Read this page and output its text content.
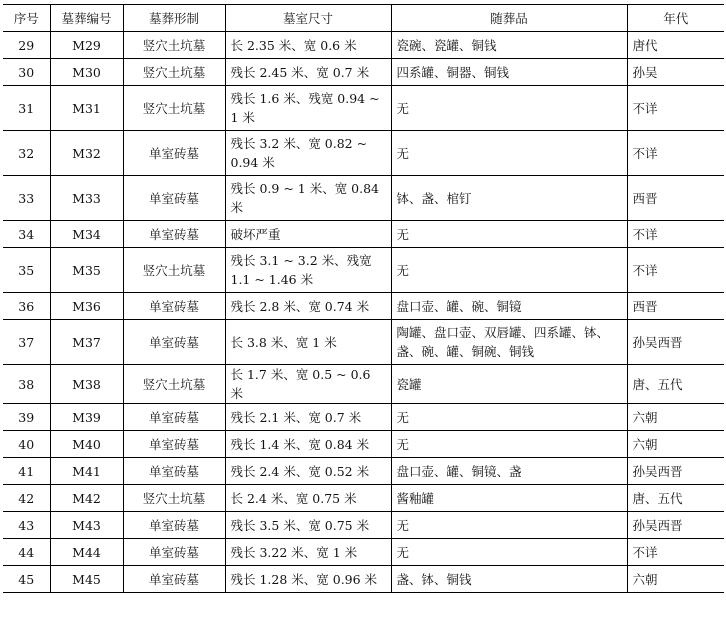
序号	墓葬编号	墓葬形制	墓室尺寸	随葬品	年代
29	M29	竖穴土坑墓	长 2.35 米、宽 0.6 米	瓷碗、瓷罐、铜钱	唐代
30	M30	竖穴土坑墓	残长 2.45 米、宽 0.7 米	四系罐、铜器、铜钱	孙吴
31	M31	竖穴土坑墓	残长 1.6 米、残宽 0.94 ~ 1 米	无	不详
32	M32	单室砖墓	残长 3.2 米、宽 0.82 ~ 0.94 米	无	不详
33	M33	单室砖墓	残长 0.9 ~ 1 米、宽 0.84 米	钵、盏、棺钉	西晋
34	M34	单室砖墓	破坏严重	无	不详
35	M35	竖穴土坑墓	残长 3.1 ~ 3.2 米、残宽 1.1 ~ 1.46 米	无	不详
36	M36	单室砖墓	残长 2.8 米、宽 0.74 米	盘口壶、罐、碗、铜镜	西晋
37	M37	单室砖墓	长 3.8 米、宽 1 米	陶罐、盘口壶、双唇罐、四系罐、钵、盏、碗、罐、铜碗、铜钱	孙吴西晋
38	M38	竖穴土坑墓	长 1.7 米、宽 0.5 ~ 0.6 米	瓷罐	唐、五代
39	M39	单室砖墓	残长 2.1 米、宽 0.7 米	无	六朝
40	M40	单室砖墓	残长 1.4 米、宽 0.84 米	无	六朝
41	M41	单室砖墓	残长 2.4 米、宽 0.52 米	盘口壶、罐、铜镜、盏	孙吴西晋
42	M42	竖穴土坑墓	长 2.4 米、宽 0.75 米	酱釉罐	唐、五代
43	M43	单室砖墓	残长 3.5 米、宽 0.75 米	无	孙吴西晋
44	M44	单室砖墓	残长 3.22 米、宽 1 米	无	不详
45	M45	单室砖墓	残长 1.28 米、宽 0.96 米	盏、钵、铜钱	六朝
